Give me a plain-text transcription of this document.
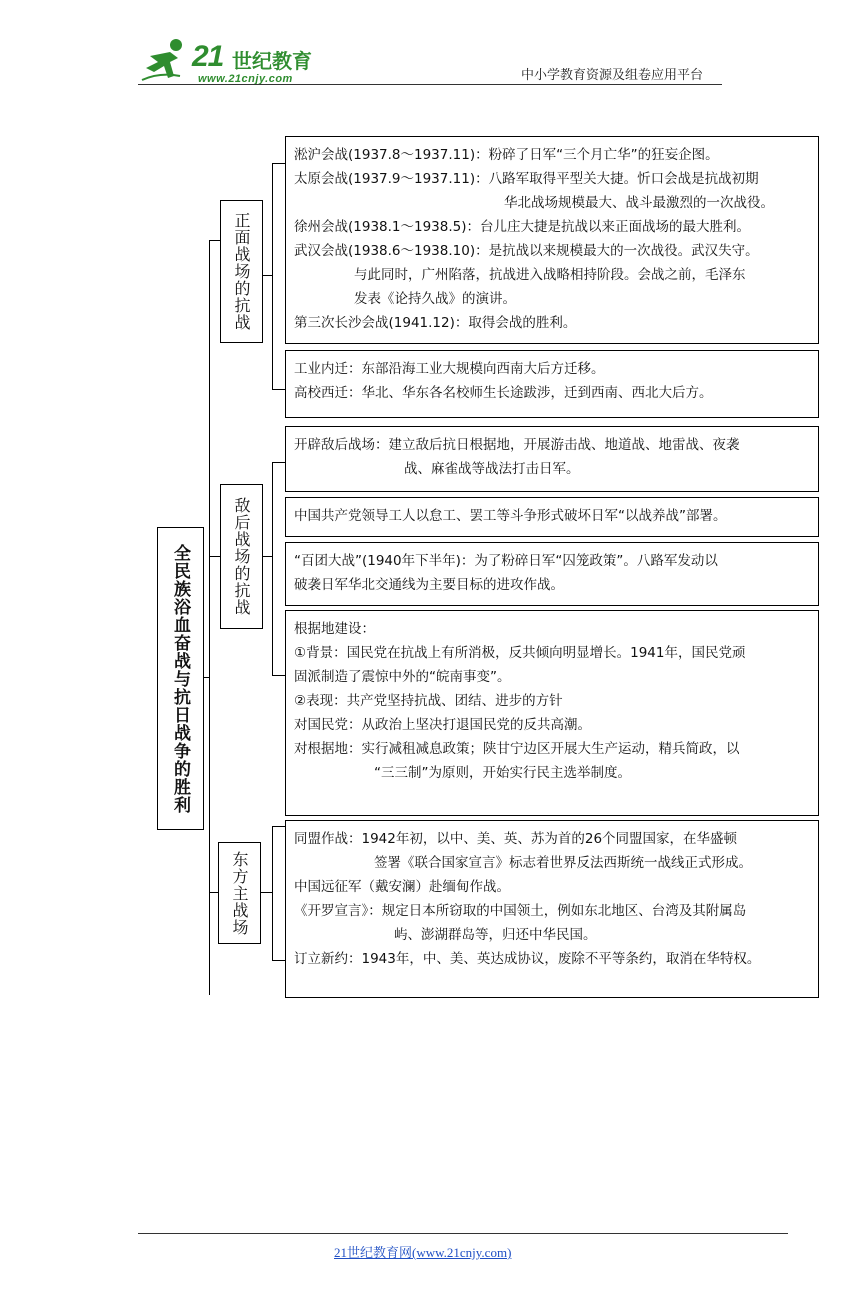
21 世纪教育
www.21cnjy.com	中小学教育资源及组卷应用平台
全民族浴血奋战与抗日战争的胜利
正面战场的抗战
敌后战场的抗战
东方主战场
淞沪会战(1937.8～1937.11)：粉碎了日军“三个月亡华”的狂妄企图。
太原会战(1937.9～1937.11)：八路军取得平型关大捷。忻口会战是抗战初期
华北战场规模最大、战斗最激烈的一次战役。
徐州会战(1938.1～1938.5)：台儿庄大捷是抗战以来正面战场的最大胜利。
武汉会战(1938.6～1938.10)：是抗战以来规模最大的一次战役。武汉失守。
与此同时，广州陷落，抗战进入战略相持阶段。会战之前，毛泽东
发表《论持久战》的演讲。
第三次长沙会战(1941.12)：取得会战的胜利。
工业内迁：东部沿海工业大规模向西南大后方迁移。
高校西迁：华北、华东各名校师生长途跋涉，迁到西南、西北大后方。
开辟敌后战场：建立敌后抗日根据地，开展游击战、地道战、地雷战、夜袭
战、麻雀战等战法打击日军。
中国共产党领导工人以怠工、罢工等斗争形式破坏日军“以战养战”部署。
“百团大战”(1940年下半年)：为了粉碎日军“囚笼政策”。八路军发动以
破袭日军华北交通线为主要目标的进攻作战。
根据地建设：
①背景：国民党在抗战上有所消极，反共倾向明显增长。1941年，国民党顽
固派制造了震惊中外的“皖南事变”。
②表现：共产党坚持抗战、团结、进步的方针
对国民党：从政治上坚决打退国民党的反共高潮。
对根据地：实行减租减息政策；陕甘宁边区开展大生产运动，精兵简政，以
“三三制”为原则，开始实行民主选举制度。
同盟作战：1942年初，以中、美、英、苏为首的26个同盟国家，在华盛顿
签署《联合国家宣言》标志着世界反法西斯统一战线正式形成。
中国远征军（戴安澜）赴缅甸作战。
《开罗宣言》：规定日本所窃取的中国领土，例如东北地区、台湾及其附属岛
屿、澎湖群岛等，归还中华民国。
订立新约：1943年，中、美、英达成协议，废除不平等条约，取消在华特权。
21世纪教育网(www.21cnjy.com)
